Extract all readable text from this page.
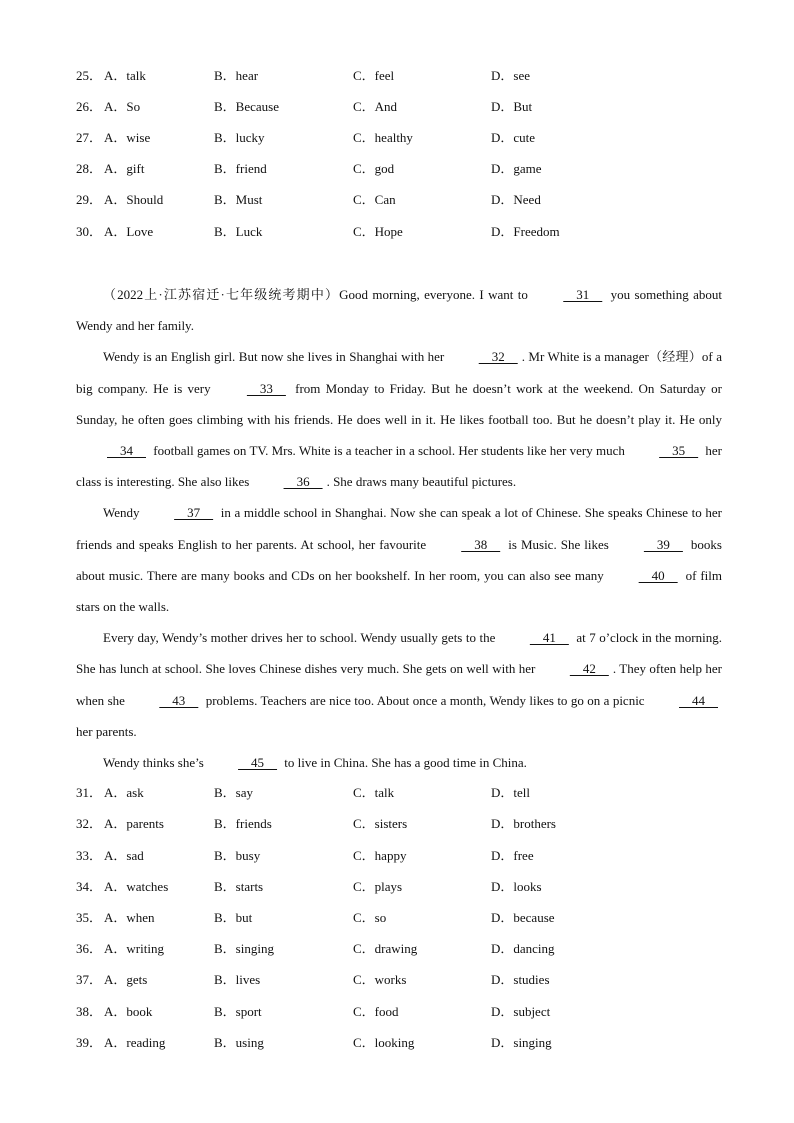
25． A．talk	B．hear	C．feel	D．see
26． A．So	B．Because	C．And	D．But
27． A．wise	B．lucky	C．healthy	D．cute
28． A．gift	B．friend	C．god	D．game
29． A．Should	B．Must	C．Can	D．Need
30． A．Love	B．Luck	C．Hope	D．Freedom

（2022上·江苏宿迁·七年级统考期中）Good morning, everyone. I want to   31   you something about Wendy and her family.

Wendy is an English girl. But now she lives in Shanghai with her   32  . Mr White is a manager（经理）of a big company. He is very   33   from Monday to Friday. But he doesn’t work at the weekend. On Saturday or Sunday, he often goes climbing with his friends. He does well in it. He likes football too. But he doesn’t play it. He only   34   football games on TV. Mrs. White is a teacher in a school. Her students like her very much   35   her class is interesting. She also likes   36  . She draws many beautiful pictures.

Wendy   37   in a middle school in Shanghai. Now she can speak a lot of Chinese. She speaks Chinese to her friends and speaks English to her parents. At school, her favourite   38   is Music. She likes   39   books about music. There are many books and CDs on her bookshelf. In her room, you can also see many   40   of film stars on the walls.

Every day, Wendy’s mother drives her to school. Wendy usually gets to the   41   at 7 o’clock in the morning. She has lunch at school. She loves Chinese dishes very much. She gets on well with her   42  . They often help her when she   43   problems. Teachers are nice too. About once a month, Wendy likes to go on a picnic   44   her parents.

Wendy thinks she’s   45   to live in China. She has a good time in China.

31． A．ask	B．say	C．talk	D．tell
32． A．parents	B．friends	C．sisters	D．brothers
33． A．sad	B．busy	C．happy	D．free
34． A．watches	B．starts	C．plays	D．looks
35． A．when	B．but	C．so	D．because
36． A．writing	B．singing	C．drawing	D．dancing
37． A．gets	B．lives	C．works	D．studies
38． A．book	B．sport	C．food	D．subject
39． A．reading	B．using	C．looking	D．singing
